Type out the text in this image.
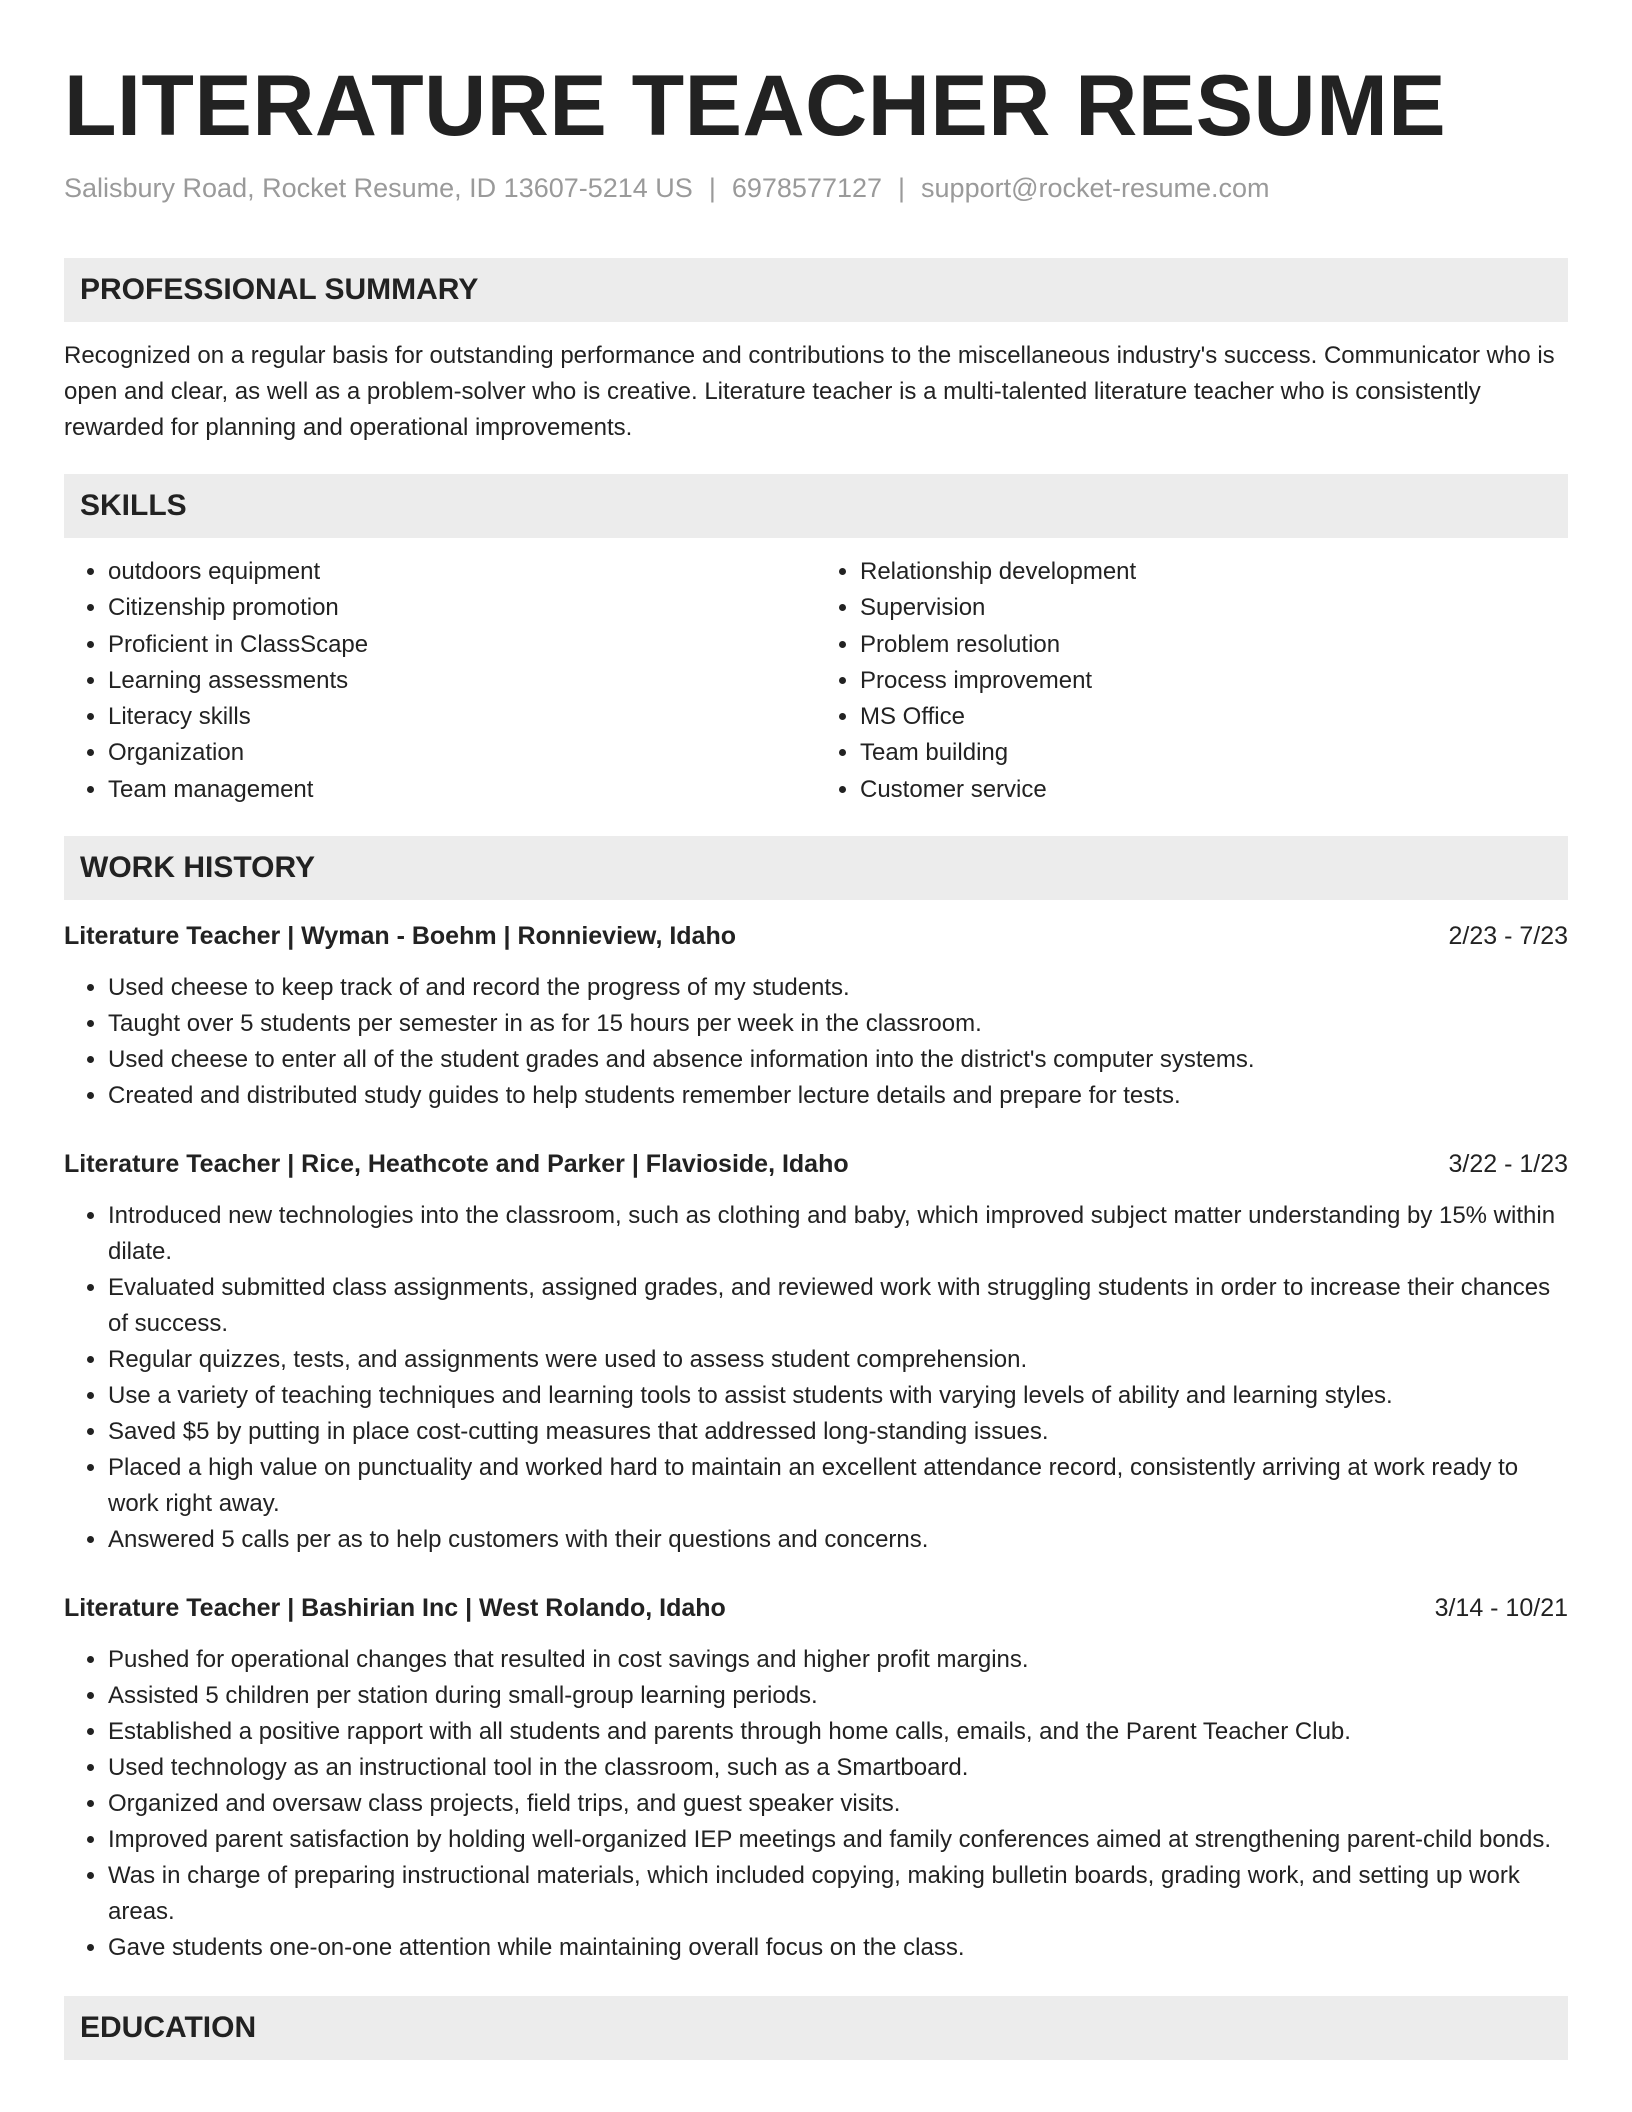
LITERATURE TEACHER RESUME
Salisbury Road, Rocket Resume, ID 13607-5214 US | 6978577127 | support@rocket-resume.com
PROFESSIONAL SUMMARY
Recognized on a regular basis for outstanding performance and contributions to the miscellaneous industry's success. Communicator who is open and clear, as well as a problem-solver who is creative. Literature teacher is a multi-talented literature teacher who is consistently rewarded for planning and operational improvements.
SKILLS
• outdoors equipment
• Citizenship promotion
• Proficient in ClassScape
• Learning assessments
• Literacy skills
• Organization
• Team management
• Relationship development
• Supervision
• Problem resolution
• Process improvement
• MS Office
• Team building
• Customer service
WORK HISTORY
Literature Teacher | Wyman - Boehm | Ronnieview, Idaho	2/23 - 7/23
• Used cheese to keep track of and record the progress of my students.
• Taught over 5 students per semester in as for 15 hours per week in the classroom.
• Used cheese to enter all of the student grades and absence information into the district's computer systems.
• Created and distributed study guides to help students remember lecture details and prepare for tests.
Literature Teacher | Rice, Heathcote and Parker | Flavioside, Idaho	3/22 - 1/23
• Introduced new technologies into the classroom, such as clothing and baby, which improved subject matter understanding by 15% within dilate.
• Evaluated submitted class assignments, assigned grades, and reviewed work with struggling students in order to increase their chances of success.
• Regular quizzes, tests, and assignments were used to assess student comprehension.
• Use a variety of teaching techniques and learning tools to assist students with varying levels of ability and learning styles.
• Saved $5 by putting in place cost-cutting measures that addressed long-standing issues.
• Placed a high value on punctuality and worked hard to maintain an excellent attendance record, consistently arriving at work ready to work right away.
• Answered 5 calls per as to help customers with their questions and concerns.
Literature Teacher | Bashirian Inc | West Rolando, Idaho	3/14 - 10/21
• Pushed for operational changes that resulted in cost savings and higher profit margins.
• Assisted 5 children per station during small-group learning periods.
• Established a positive rapport with all students and parents through home calls, emails, and the Parent Teacher Club.
• Used technology as an instructional tool in the classroom, such as a Smartboard.
• Organized and oversaw class projects, field trips, and guest speaker visits.
• Improved parent satisfaction by holding well-organized IEP meetings and family conferences aimed at strengthening parent-child bonds.
• Was in charge of preparing instructional materials, which included copying, making bulletin boards, grading work, and setting up work areas.
• Gave students one-on-one attention while maintaining overall focus on the class.
EDUCATION
